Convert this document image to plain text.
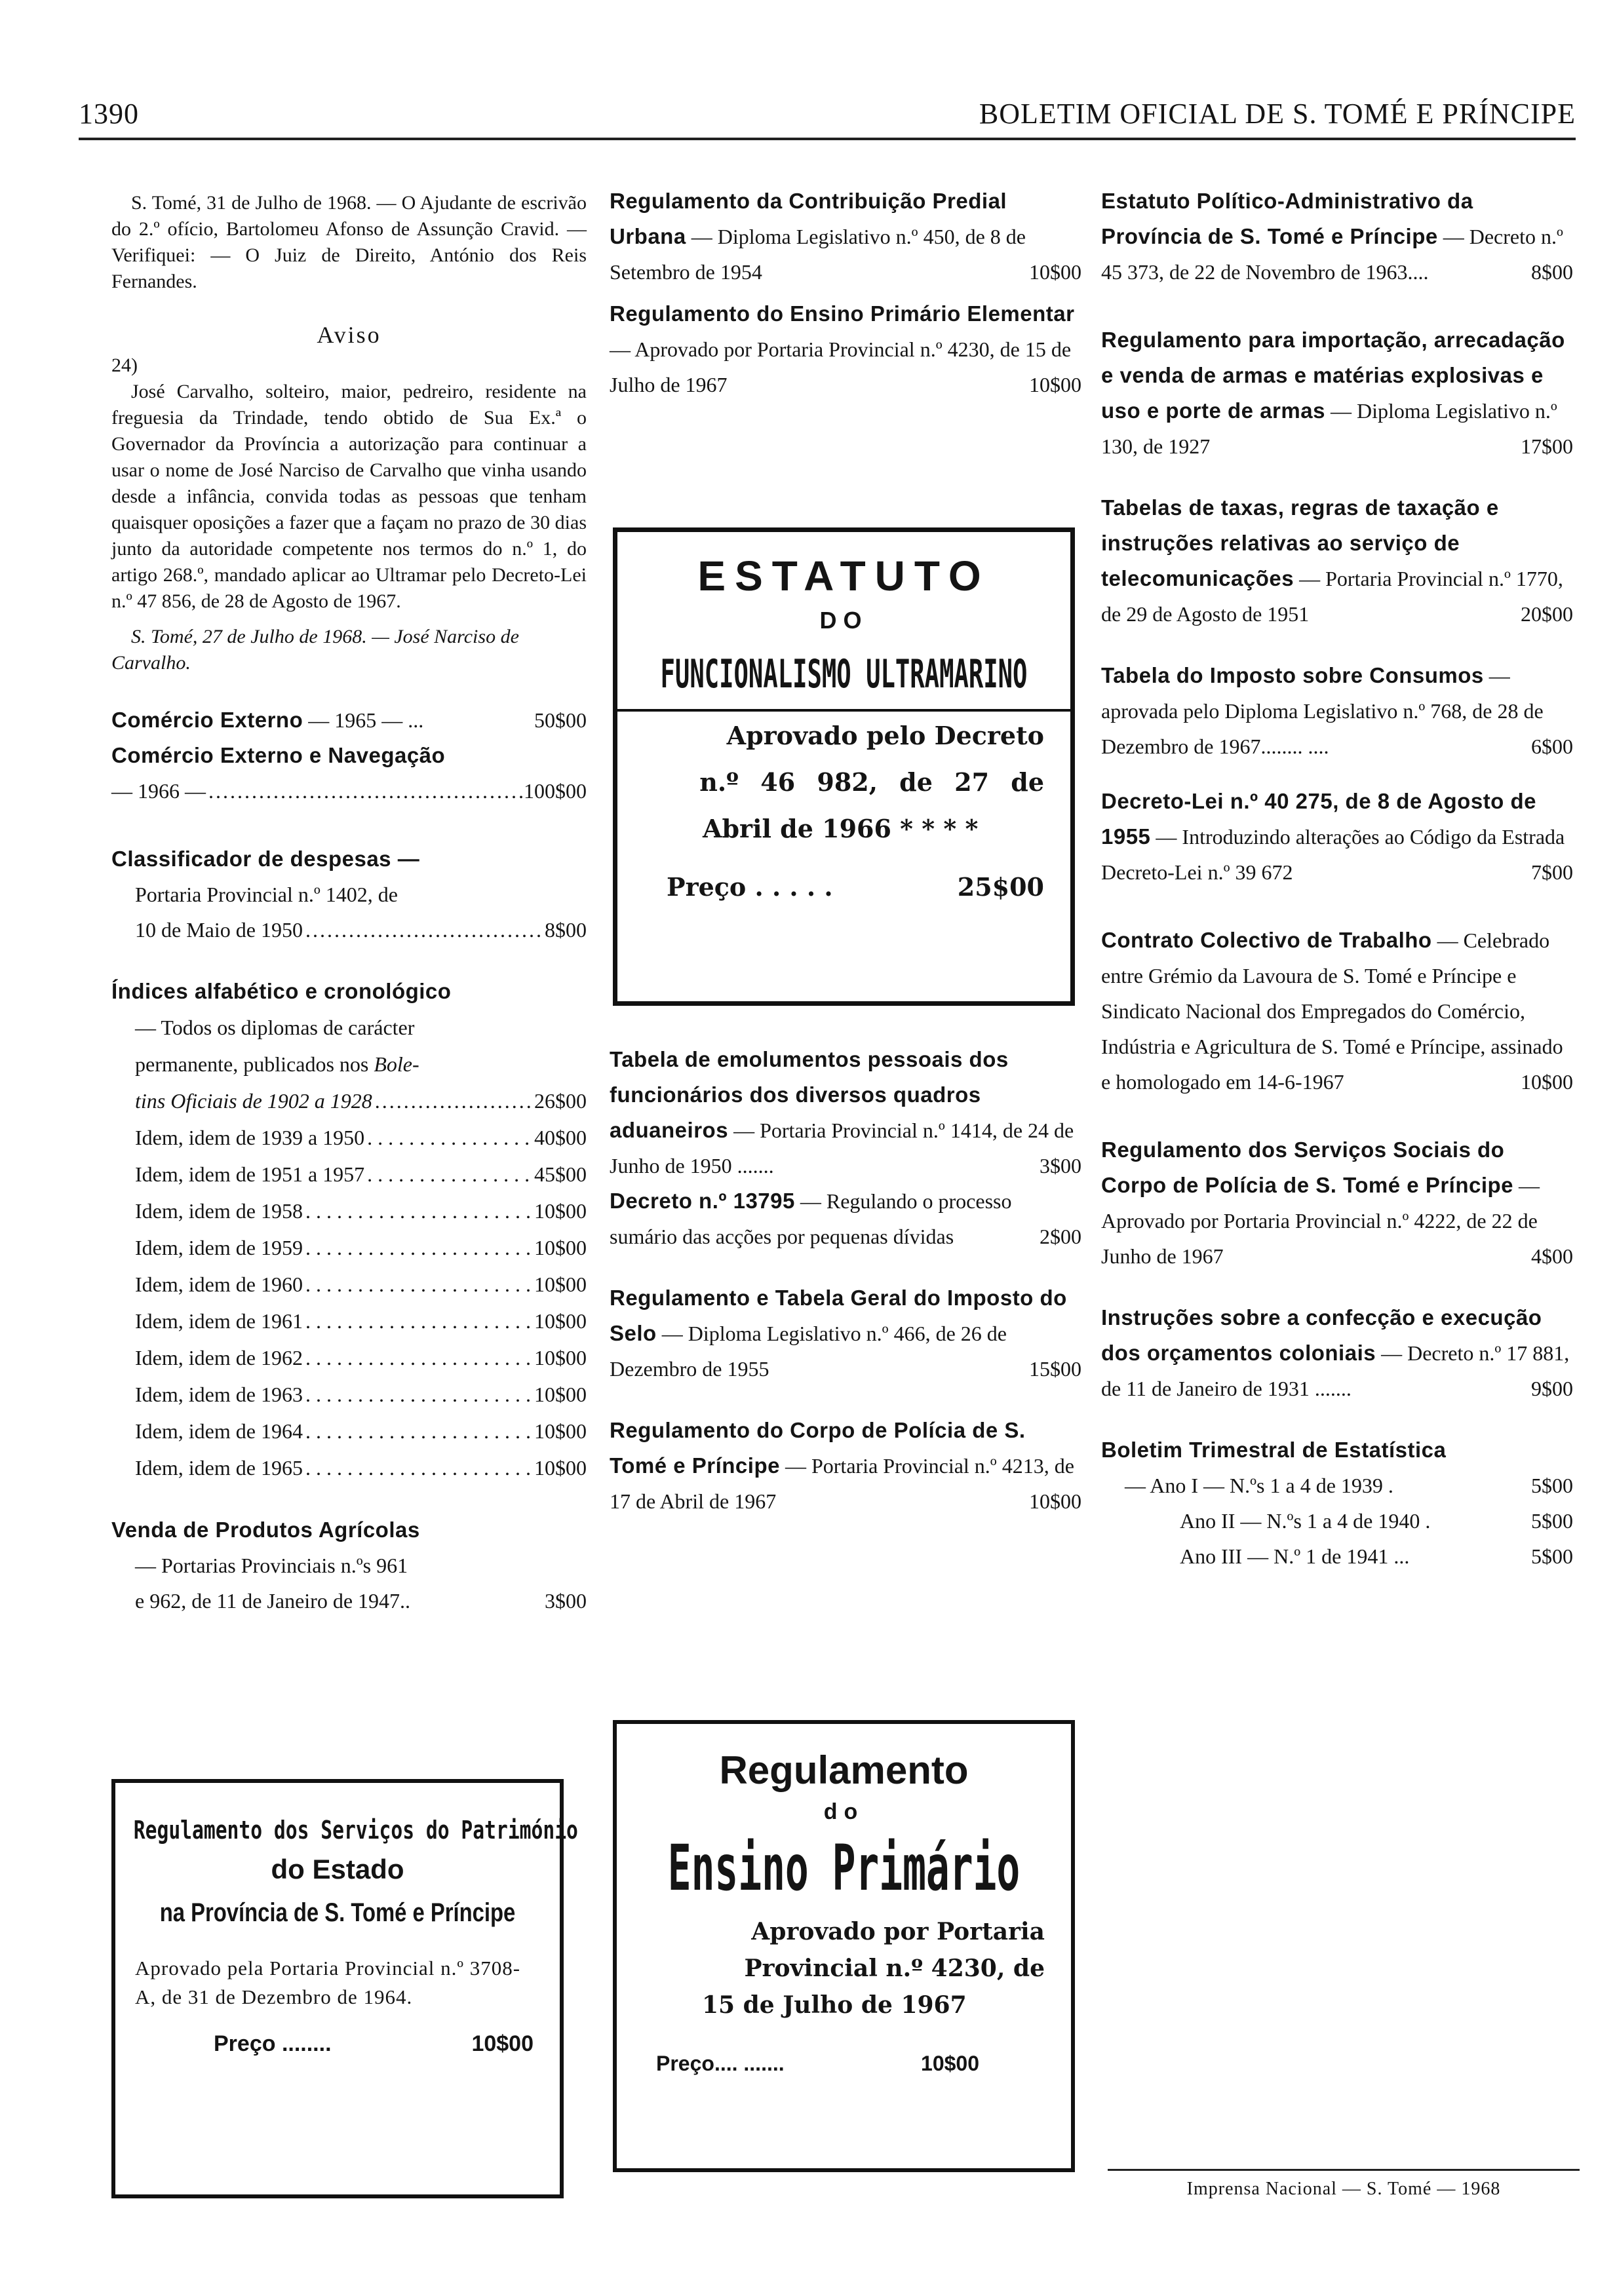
1390	BOLETIM OFICIAL DE S. TOMÉ E PRÍNCIPE

S. Tomé, 31 de Julho de 1968. — O Ajudante de escrivão do 2.º ofício, Bartolomeu Afonso de Assunção Cravid. — Verifiquei: — O Juiz de Direito, António dos Reis Fernandes.

Aviso

24)

José Carvalho, solteiro, maior, pedreiro, residente na freguesia da Trindade, tendo obtido de Sua Ex.ª o Governador da Província a autorização para continuar a usar o nome de José Narciso de Carvalho que vinha usando desde a infância, convida todas as pessoas que tenham quaisquer oposições a fazer que a façam no prazo de 30 dias junto da autoridade competente nos termos do n.º 1, do artigo 268.º, mandado aplicar ao Ultramar pelo Decreto-Lei n.º 47 856, de 28 de Agosto de 1967.

S. Tomé, 27 de Julho de 1968. — José Narciso de Carvalho.

Comércio Externo — 1965 — ...	50$00
Comércio Externo e Navegação
— 1966 — .....	100$00
Classificador de despesas —
Portaria Provincial n.º 1402, de
10 de Maio de 1950 .....	8$00
Índices alfabético e cronológico
— Todos os diplomas de carácter
permanente, publicados nos Bole-
tins Oficiais de 1902 a 1928 .....	26$00
Idem, idem de 1939 a 1950 . . .	40$00
Idem, idem de 1951 a 1957 . . .	45$00
Idem, idem de 1958 . . .	10$00
Idem, idem de 1959 . . .	10$00
Idem, idem de 1960 . . .	10$00
Idem, idem de 1961 . . .	10$00
Idem, idem de 1962 . . .	10$00
Idem, idem de 1963 . . .	10$00
Idem, idem de 1964 . . .	10$00
Idem, idem de 1965 . . .	10$00
Venda de Produtos Agrícolas
— Portarias Provinciais n.ºs 961
e 962, de 11 de Janeiro de 1947..	3$00
Regulamento dos Serviços do Património
do Estado
na Província de S. Tomé e Príncipe

Aprovado pela Portaria Provincial n.º 3708-A, de 31 de Dezembro de 1964.

Preço ........	10$00
Regulamento da Contribuição Predial Urbana — Diploma Legislativo n.º 450, de 8 de Setembro de 1954	10$00
Regulamento do Ensino Primário Elementar — Aprovado por Portaria Provincial n.º 4230, de 15 de Julho de 1967	10$00
ESTATUTO
DO
FUNCIONALISMO ULTRAMARINO
Aprovado pelo Decreto
n.º 46 982, de 27 de
Abril de 1966 * * * *
Preço . . . . .	25$00
Tabela de emolumentos pessoais dos funcionários dos diversos quadros aduaneiros — Portaria Provincial n.º 1414, de 24 de Junho de 1950 .......	3$00
Decreto n.º 13795 — Regulando o processo sumário das acções por pequenas dívidas	2$00
Regulamento e Tabela Geral do Imposto do Selo — Diploma Legislativo n.º 466, de 26 de Dezembro de 1955	15$00
Regulamento do Corpo de Polícia de S. Tomé e Príncipe — Portaria Provincial n.º 4213, de 17 de Abril de 1967	10$00
Regulamento
do
Ensino Primário
Aprovado por Portaria
Provincial n.º 4230, de
15 de Julho de 1967
Preço.... .......	10$00
Estatuto Político-Administrativo da Província de S. Tomé e Príncipe — Decreto n.º 45 373, de 22 de Novembro de 1963....	8$00
Regulamento para importação, arrecadação e venda de armas e matérias explosivas e uso e porte de armas — Diploma Legislativo n.º 130, de 1927	17$00
Tabelas de taxas, regras de taxação e instruções relativas ao serviço de telecomunicações — Portaria Provincial n.º 1770, de 29 de Agosto de 1951	20$00
Tabela do Imposto sobre Consumos — aprovada pelo Diploma Legislativo n.º 768, de 28 de Dezembro de 1967........ ....	6$00
Decreto-Lei n.º 40 275, de 8 de Agosto de 1955 — Introduzindo alterações ao Código da Estrada Decreto-Lei n.º 39 672	7$00
Contrato Colectivo de Trabalho — Celebrado entre Grémio da Lavoura de S. Tomé e Príncipe e Sindicato Nacional dos Empregados do Comércio, Indústria e Agricultura de S. Tomé e Príncipe, assinado e homologado em 14-6-1967	10$00
Regulamento dos Serviços Sociais do Corpo de Polícia de S. Tomé e Príncipe — Aprovado por Portaria Provincial n.º 4222, de 22 de Junho de 1967	4$00
Instruções sobre a confecção e execução dos orçamentos coloniais — Decreto n.º 17 881, de 11 de Janeiro de 1931 .......	9$00
Boletim Trimestral de Estatística
— Ano I — N.ºs 1 a 4 de 1939 .	5$00
Ano II — N.ºs 1 a 4 de 1940 .	5$00
Ano III — N.º 1 de 1941 ...	5$00
Imprensa Nacional — S. Tomé — 1968
